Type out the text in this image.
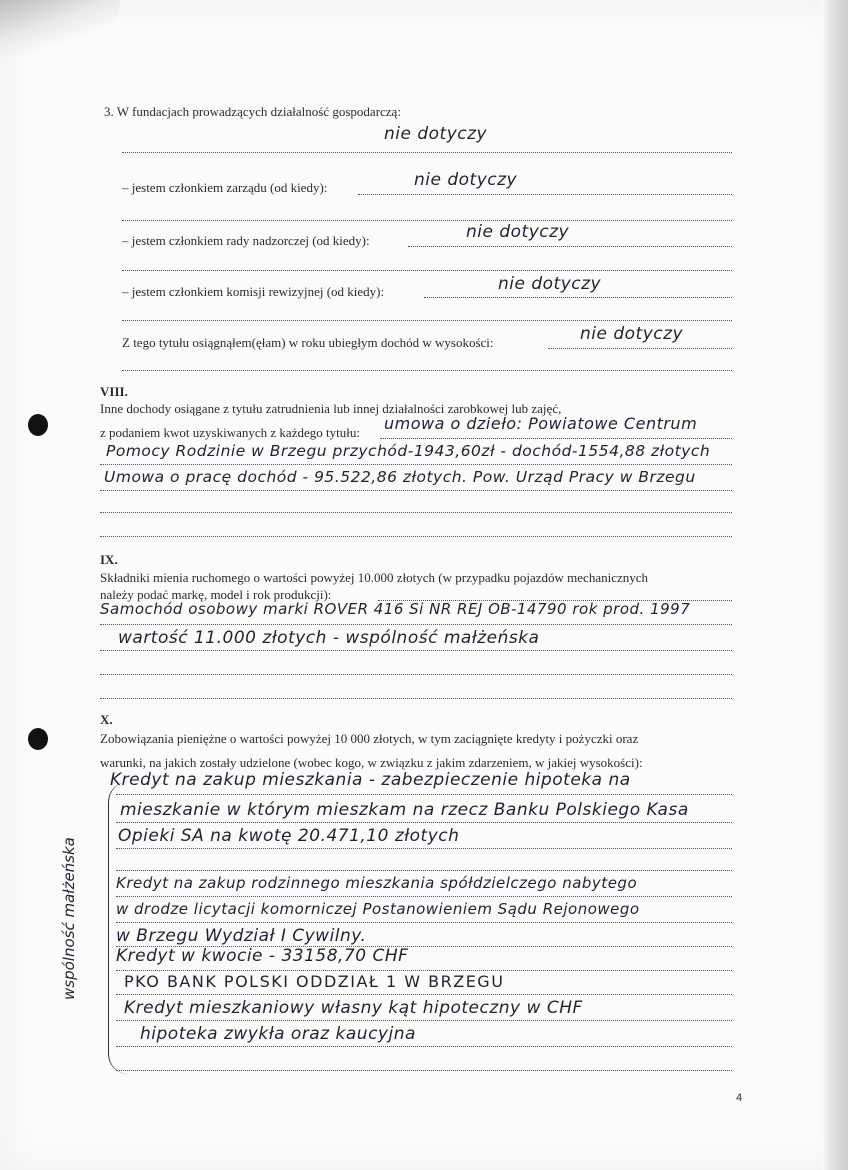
3. W fundacjach prowadzących działalność gospodarczą:
nie dotyczy
– jestem członkiem zarządu (od kiedy):	nie dotyczy
– jestem członkiem rady nadzorczej (od kiedy):	nie dotyczy
– jestem członkiem komisji rewizyjnej (od kiedy):	nie dotyczy
Z tego tytułu osiągnąłem(ęłam) w roku ubiegłym dochód w wysokości:	nie dotyczy
VIII.
Inne dochody osiągane z tytułu zatrudnienia lub innej działalności zarobkowej lub zajęć,
z podaniem kwot uzyskiwanych z każdego tytułu: umowa o dzieło: Powiatowe Centrum
Pomocy Rodzinie w Brzegu przychód-1943,60zł - dochód-1554,88 złotych
Umowa o pracę dochód - 95.522,86 złotych. Pow. Urząd Pracy w Brzegu
IX.
Składniki mienia ruchomego o wartości powyżej 10.000 złotych (w przypadku pojazdów mechanicznych
należy podać markę, model i rok produkcji):
Samochód osobowy marki ROVER 416 Si NR REJ OB-14790 rok prod. 1997
wartość 11.000 złotych - wspólność małżeńska
X.
Zobowiązania pieniężne o wartości powyżej 10 000 złotych, w tym zaciągnięte kredyty i pożyczki oraz
warunki, na jakich zostały udzielone (wobec kogo, w związku z jakim zdarzeniem, w jakiej wysokości):
wspólność małżeńska
Kredyt na zakup mieszkania - zabezpieczenie hipoteka na
mieszkanie w którym mieszkam na rzecz Banku Polskiego Kasa
Opieki SA na kwotę 20.471,10 złotych
Kredyt na zakup rodzinnego mieszkania spółdzielczego nabytego
w drodze licytacji komorniczej Postanowieniem Sądu Rejonowego
w Brzegu Wydział I Cywilny.
Kredyt w kwocie - 33158,70 CHF
PKO BANK POLSKI ODDZIAŁ 1 W BRZEGU
Kredyt mieszkaniowy własny kąt hipoteczny w CHF
hipoteka zwykła oraz kaucyjna
4
